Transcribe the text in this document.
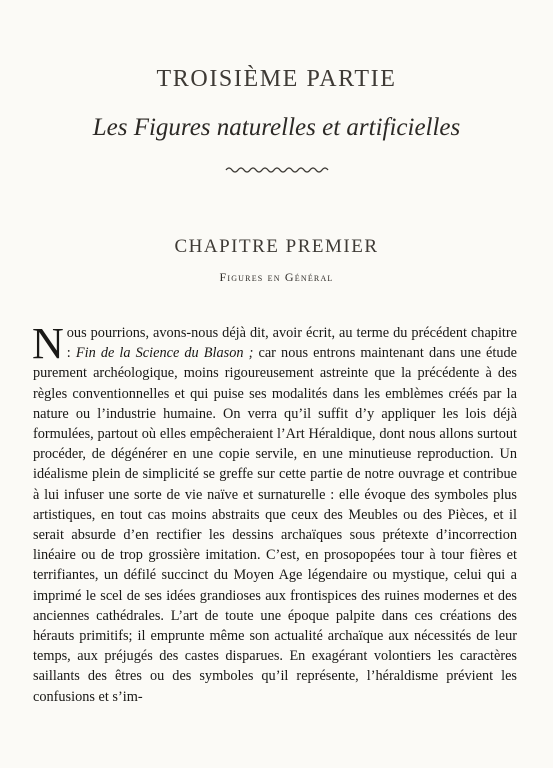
TROISIÈME PARTIE
Les Figures naturelles et artificielles
CHAPITRE PREMIER
Figures en Général

Nous pourrions, avons-nous déjà dit, avoir écrit, au terme du précédent chapitre : Fin de la Science du Blason ; car nous entrons maintenant dans une étude purement archéologique, moins rigoureusement astreinte que la précédente à des règles conventionnelles et qui puise ses modalités dans les emblèmes créés par la nature ou l’industrie humaine. On verra qu’il suffit d’y appliquer les lois déjà formulées, partout où elles empêcheraient l’Art Héraldique, dont nous allons surtout procéder, de dégénérer en une copie servile, en une minutieuse reproduction. Un idéalisme plein de simplicité se greffe sur cette partie de notre ouvrage et contribue à lui infuser une sorte de vie naïve et surnaturelle : elle évoque des symboles plus artistiques, en tout cas moins abstraits que ceux des Meubles ou des Pièces, et il serait absurde d’en rectifier les dessins archaïques sous prétexte d’incorrection linéaire ou de trop grossière imitation. C’est, en prosopopées tour à tour fières et terrifiantes, un défilé succinct du Moyen Age légendaire ou mystique, celui qui a imprimé le scel de ses idées grandioses aux frontispices des ruines modernes et des anciennes cathédrales. L’art de toute une époque palpite dans ces créations des hérauts primitifs; il emprunte même son actualité archaïque aux nécessités de leur temps, aux préjugés des castes disparues. En exagérant volontiers les caractères saillants des êtres ou des symboles qu’il représente, l’héraldisme prévient les confusions et s’im-
